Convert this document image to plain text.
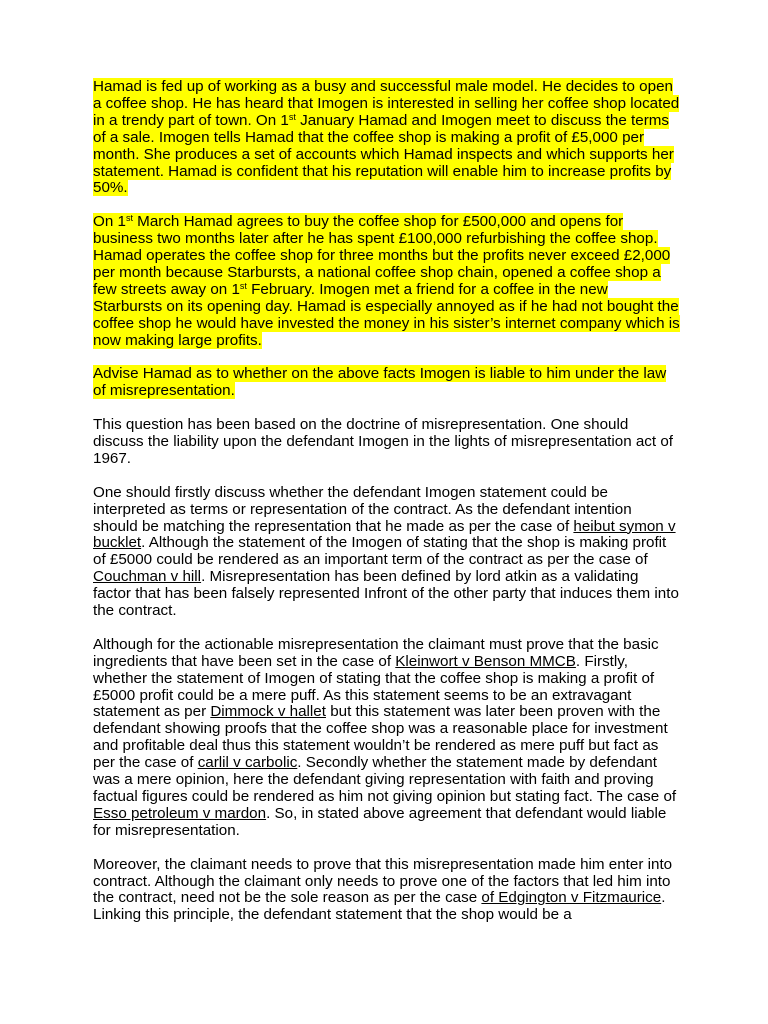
Hamad is fed up of working as a busy and successful male model. He decides to open a coffee shop. He has heard that Imogen is interested in selling her coffee shop located in a trendy part of town. On 1st January Hamad and Imogen meet to discuss the terms of a sale. Imogen tells Hamad that the coffee shop is making a profit of £5,000 per month. She produces a set of accounts which Hamad inspects and which supports her statement. Hamad is confident that his reputation will enable him to increase profits by 50%.

On 1st March Hamad agrees to buy the coffee shop for £500,000 and opens for business two months later after he has spent £100,000 refurbishing the coffee shop. Hamad operates the coffee shop for three months but the profits never exceed £2,000 per month because Starbursts, a national coffee shop chain, opened a coffee shop a few streets away on 1st February. Imogen met a friend for a coffee in the new Starbursts on its opening day. Hamad is especially annoyed as if he had not bought the coffee shop he would have invested the money in his sister’s internet company which is now making large profits.

Advise Hamad as to whether on the above facts Imogen is liable to him under the law of misrepresentation.

This question has been based on the doctrine of misrepresentation. One should discuss the liability upon the defendant Imogen in the lights of misrepresentation act of 1967.

One should firstly discuss whether the defendant Imogen statement could be interpreted as terms or representation of the contract. As the defendant intention should be matching the representation that he made as per the case of heibut symon v bucklet. Although the statement of the Imogen of stating that the shop is making profit of £5000 could be rendered as an important term of the contract as per the case of Couchman v hill. Misrepresentation has been defined by lord atkin as a validating factor that has been falsely represented Infront of the other party that induces them into the contract.

Although for the actionable misrepresentation the claimant must prove that the basic ingredients that have been set in the case of Kleinwort v Benson MMCB. Firstly, whether the statement of Imogen of stating that the coffee shop is making a profit of £5000 profit could be a mere puff. As this statement seems to be an extravagant statement as per Dimmock v hallet but this statement was later been proven with the defendant showing proofs that the coffee shop was a reasonable place for investment and profitable deal thus this statement wouldn’t be rendered as mere puff but fact as per the case of carlil v carbolic. Secondly whether the statement made by defendant was a mere opinion, here the defendant giving representation with faith and proving factual figures could be rendered as him not giving opinion but stating fact. The case of Esso petroleum v mardon. So, in stated above agreement that defendant would liable for misrepresentation.

Moreover, the claimant needs to prove that this misrepresentation made him enter into contract. Although the claimant only needs to prove one of the factors that led him into the contract, need not be the sole reason as per the case of Edgington v Fitzmaurice. Linking this principle, the defendant statement that the shop would be a
